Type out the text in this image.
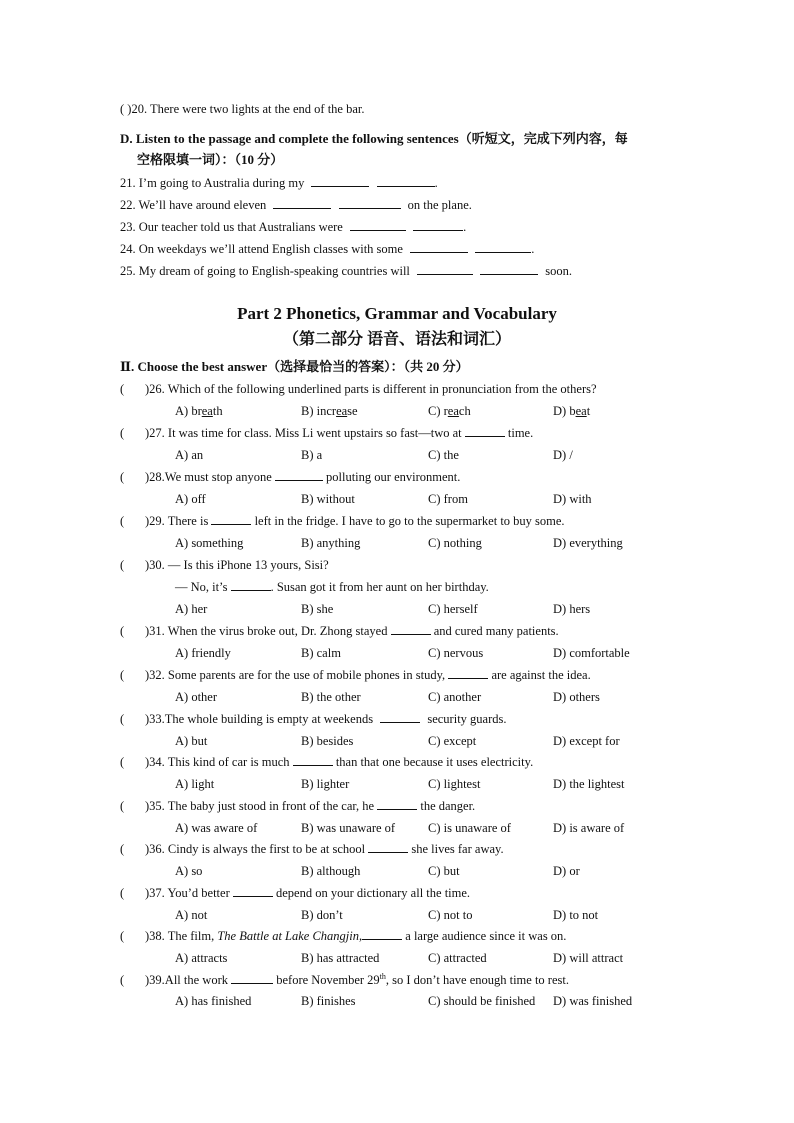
( )20. There were two lights at the end of the bar.
D. Listen to the passage and complete the following sentences（听短文，完成下列内容，每
空格限填一词）：（10 分）
21. I’m going to Australia during my	.
22. We’ll have around eleven	on the plane.
23. Our teacher told us that Australians were	.
24. On weekdays we’ll attend English classes with some	.
25. My dream of going to English-speaking countries will	soon.
Part 2 Phonetics, Grammar and Vocabulary
（第二部分 语音、语法和词汇）
Ⅱ. Choose the best answer（选择最恰当的答案）：（共 20 分）
( )26. Which of the following underlined parts is different in pronunciation from the others?
A) breath	B) increase	C) reach	D) beat
( )27. It was time for class. Miss Li went upstairs so fast—two at	time.
A) an	B) a	C) the	D) /
( )28.We must stop anyone	polluting our environment.
A) off	B) without	C) from	D) with
( )29. There is	left in the fridge. I have to go to the supermarket to buy some.
A) something	B) anything	C) nothing	D) everything
( )30. — Is this iPhone 13 yours, Sisi?
— No, it’s	. Susan got it from her aunt on her birthday.
A) her	B) she	C) herself	D) hers
( )31. When the virus broke out, Dr. Zhong stayed	and cured many patients.
A) friendly	B) calm	C) nervous	D) comfortable
( )32. Some parents are for the use of mobile phones in study,	are against the idea.
A) other	B) the other	C) another	D) others
( )33.The whole building is empty at weekends	security guards.
A) but	B) besides	C) except	D) except for
( )34. This kind of car is much	than that one because it uses electricity.
A) light	B) lighter	C) lightest	D) the lightest
( )35. The baby just stood in front of the car, he	the danger.
A) was aware of	B) was unaware of	C) is unaware of	D) is aware of
( )36. Cindy is always the first to be at school	she lives far away.
A) so	B) although	C) but	D) or
( )37. You’d better	depend on your dictionary all the time.
A) not	B) don’t	C) not to	D) to not
( )38. The film, The Battle at Lake Changjin,	a large audience since it was on.
A) attracts	B) has attracted	C) attracted	D) will attract
( )39.All the work	before November 29th, so I don’t have enough time to rest.
A) has finished	B) finishes	C) should be finished D) was finished
